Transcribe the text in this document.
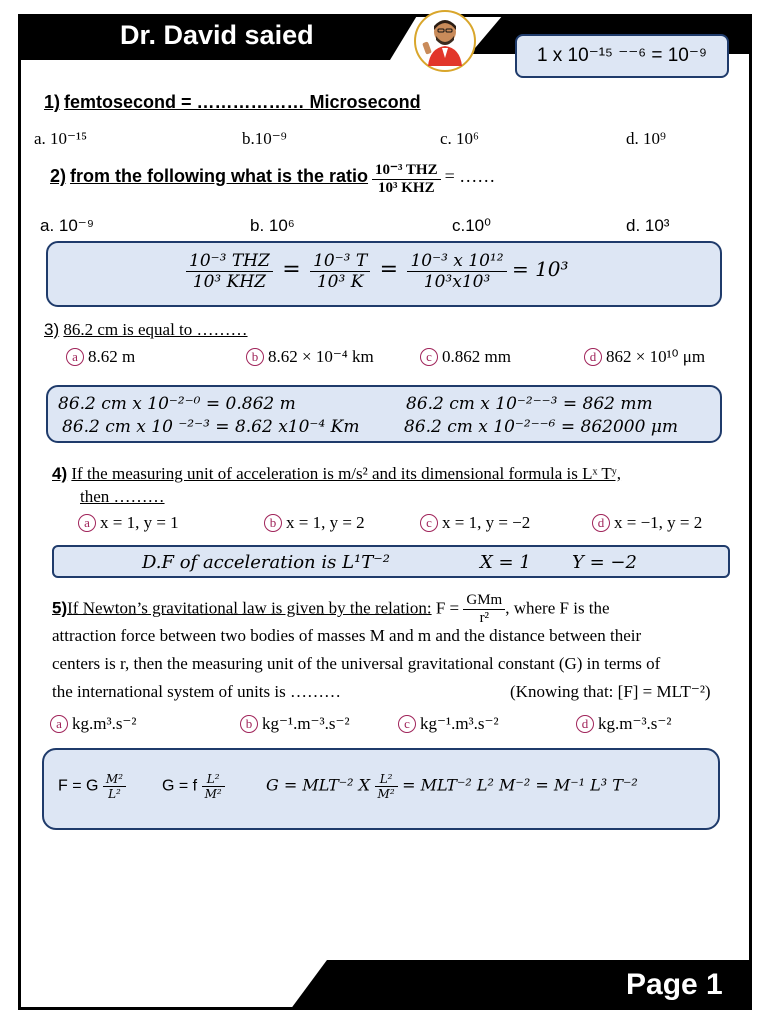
Dr. David saied
1 x 10⁻¹⁵ ⁻⁻⁶ = 10⁻⁹
1) femtosecond = ……………… Microsecond
a. 10⁻¹⁵	b.10⁻⁹	c. 10⁶	d. 10⁹
2) from the following what is the ratio $\frac{\text{10⁻³ THZ}}{\text{10³ KHZ}}$ = ……
a. 10⁻⁹	b. 10⁶	c.10⁰	d. 10³
$\frac{\text{10⁻³ THZ}}{\text{10³ KHZ}} = \frac{\text{10⁻³ T}}{\text{10³ K}} = \frac{\text{10⁻³ x 10¹²}}{\text{10³x10³}} = 10^3$
3) 86.2 cm is equal to ………
a 8.62 m	b 8.62 × 10⁻⁴ km	c 0.862 mm	d 862 × 10¹⁰ μm
86.2 cm x 10⁻²⁻⁰ = 0.862 m	86.2 cm x 10⁻²⁻⁻³ = 862 mm
86.2 cm x 10 ⁻²⁻³ = 8.62 x10⁻⁴ Km	86.2 cm x 10⁻²⁻⁻⁶ = 862000 μm
4) If the measuring unit of acceleration is m/s² and its dimensional formula is Lˣ Tʸ,
then ………
a x = 1, y = 1	b x = 1, y = 2	c x = 1, y = −2	d x = −1, y = 2
D.F of acceleration is L¹T⁻²	X = 1 Y = −2
5)If Newton’s gravitational law is given by the relation: $F = \frac{\text{GMm}}{\text{r²}}$ , where F is the
attraction force between two bodies of masses M and m and the distance between their
centers is r, then the measuring unit of the universal gravitational constant (G) in terms of
the international system of units is ………	(Knowing that: [F] = MLT⁻²)
a kg.m³.s⁻²	b kg⁻¹.m⁻³.s⁻²	c kg⁻¹.m³.s⁻²	d kg.m⁻³.s⁻²
F = G $\frac{\text{M²}}{\text{L²}}$ G = f $\frac{\text{L²}}{\text{M²}}$	G = MLT⁻² X $\frac{\text{L²}}{\text{M²}} = MLT^{-2}$ L² M⁻² = M⁻¹ L³ T⁻²
Page 1
